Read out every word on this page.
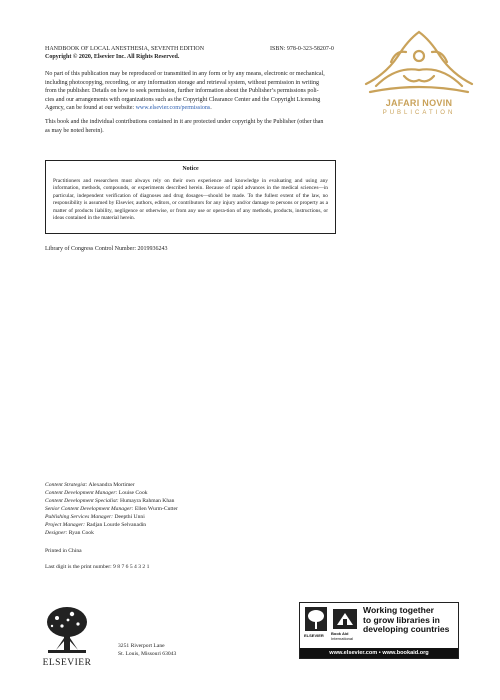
HANDBOOK OF LOCAL ANESTHESIA, SEVENTH EDITION	ISBN: 978-0-323-58207-0
Copyright © 2020, Elsevier Inc. All Rights Reserved.
JAFARI NOVIN
PUBLICATION
No part of this publication may be reproduced or transmitted in any form or by any means, electronic or mechanical,
including photocopying, recording, or any information storage and retrieval system, without permission in writing
from the publisher. Details on how to seek permission, further information about the Publisher’s permissions poli-
cies and our arrangements with organizations such as the Copyright Clearance Center and the Copyright Licensing
Agency, can be found at our website: www.elsevier.com/permissions.
This book and the individual contributions contained in it are protected under copyright by the Publisher (other than
as may be noted herein).
Notice
Practitioners and researchers must always rely on their own experience and knowledge in evaluating and using any information, methods, compounds, or experiments described herein. Because of rapid advances in the medical sciences—in particular, independent verification of diagnoses and drug dosages—should be made. To the fullest extent of the law, no responsibility is assumed by Elsevier, authors, editors, or contributors for any injury and/or damage to persons or property as a matter of products liability, negligence or otherwise, or from any use or opera-tion of any methods, products, instructions, or ideas contained in the material herein.
Library of Congress Control Number: 2019936243
Content Strategist: Alexandra Mortimer
Content Development Manager: Louise Cook
Content Development Specialist: Humayra Rahman Khan
Senior Content Development Manager: Ellen Wurm-Cutter
Publishing Services Manager: Deepthi Unni
Project Manager: Radjan Lourde Selvanadin
Designer: Ryan Cook
Printed in China
Last digit is the print number: 9 8 7 6 5 4 3 2 1
ELSEVIER
3251 Riverport Lane
St. Louis, Missouri 63043
ELSEVIER Book Aid
International
Working together
to grow libraries in
developing countries
www.elsevier.com • www.bookaid.org
